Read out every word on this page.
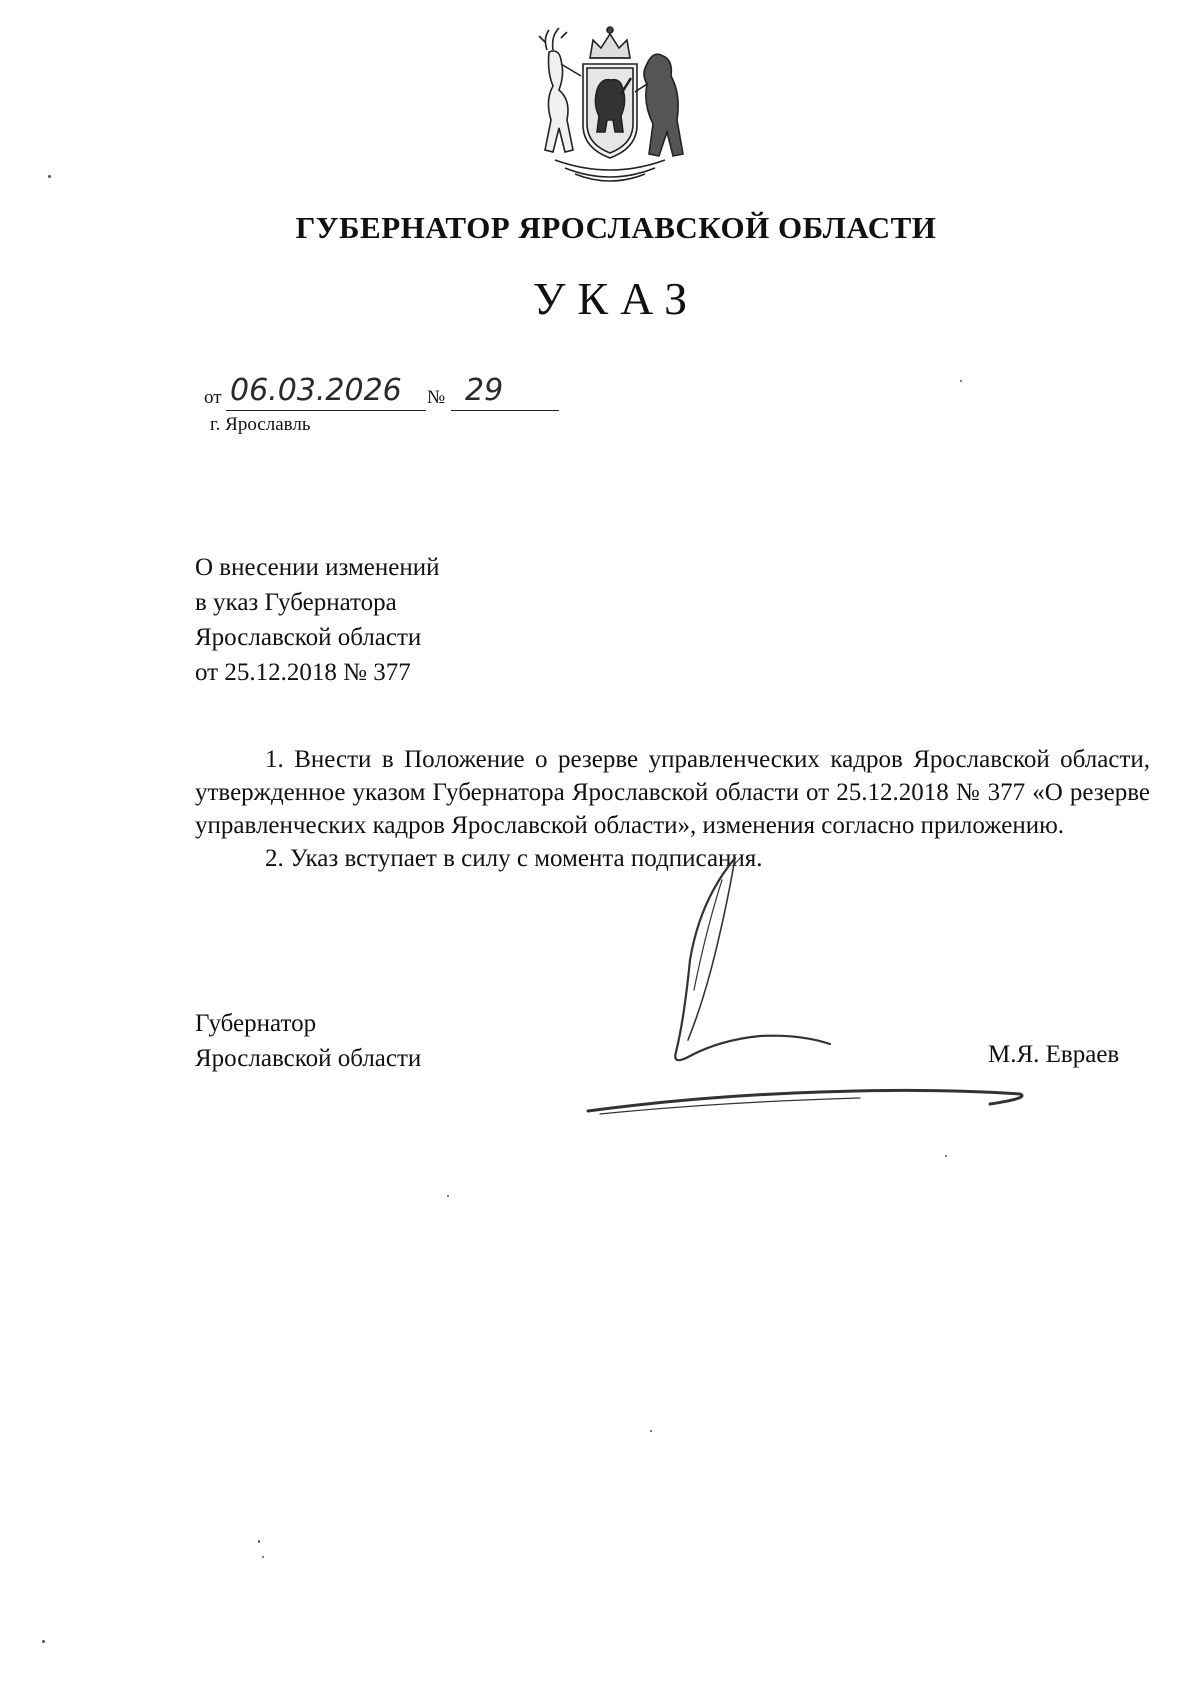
ГУБЕРНАТОР ЯРОСЛАВСКОЙ ОБЛАСТИ
УКАЗ
от 06.03.2026 № 29

г. Ярославль

О внесении изменений
в указ Губернатора
Ярославской области
от 25.12.2018 № 377

1. Внести в Положение о резерве управленческих кадров Ярославской области, утвержденное указом Губернатора Ярославской области от 25.12.2018 № 377 «О резерве управленческих кадров Ярославской области», изменения согласно приложению.

2. Указ вступает в силу с момента подписания.

Губернатор
Ярославской области	М.Я. Евраев
